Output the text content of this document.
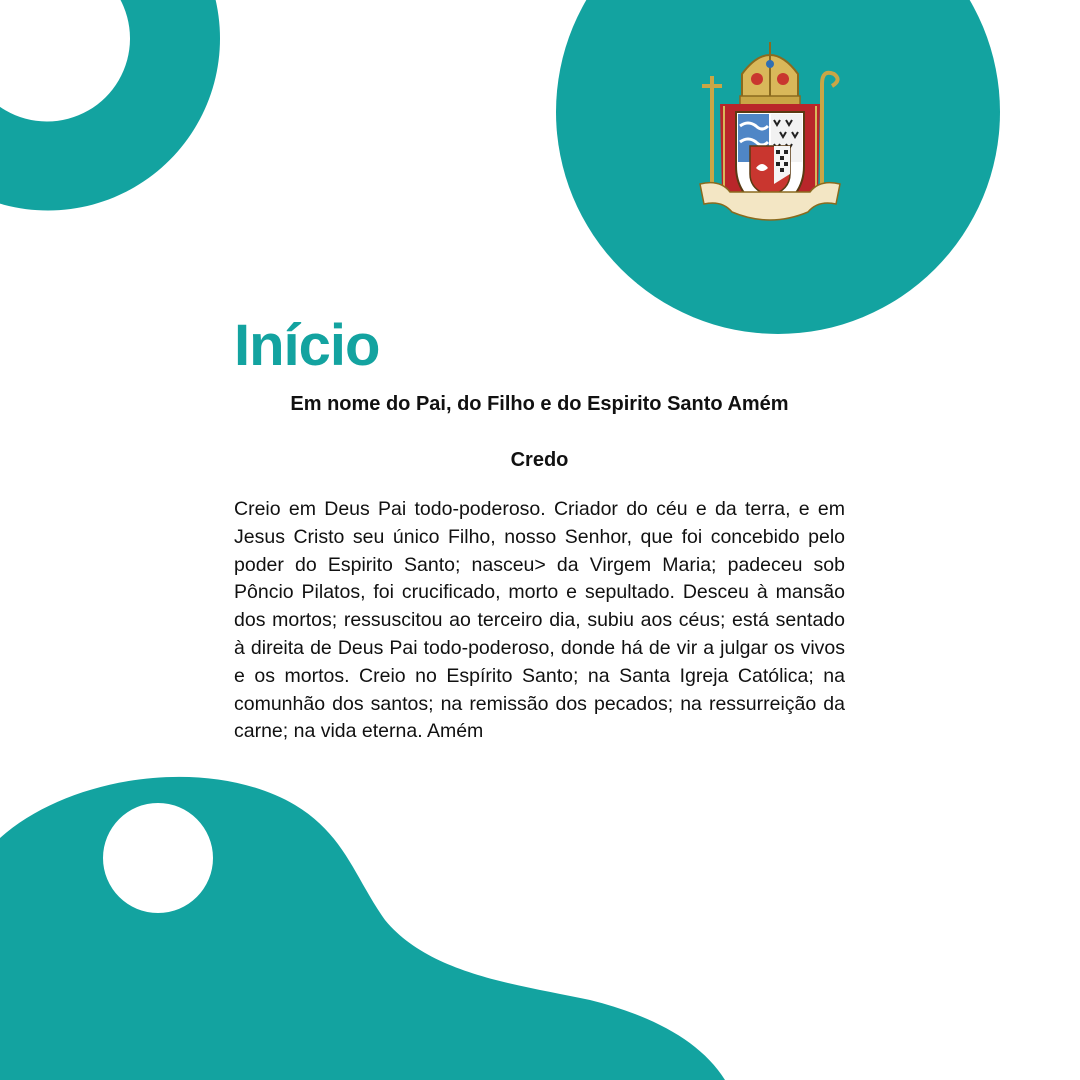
Início

Em nome do Pai, do Filho e do Espirito Santo Amém

Credo

Creio em Deus Pai todo-poderoso. Criador do céu e da terra, e em Jesus Cristo seu único Filho, nosso Senhor, que foi concebido pelo poder do Espirito Santo; nasceu> da Virgem Maria; padeceu sob Pôncio Pilatos, foi crucificado, morto e sepultado. Desceu à mansão dos mortos; ressuscitou ao terceiro dia, subiu aos céus; está sentado à direita de Deus Pai todo-poderoso, donde há de vir a julgar os vivos e os mortos. Creio no Espírito Santo; na Santa Igreja Católica; na comunhão dos santos; na remissão dos pecados; na ressurreição da carne; na vida eterna. Amém
